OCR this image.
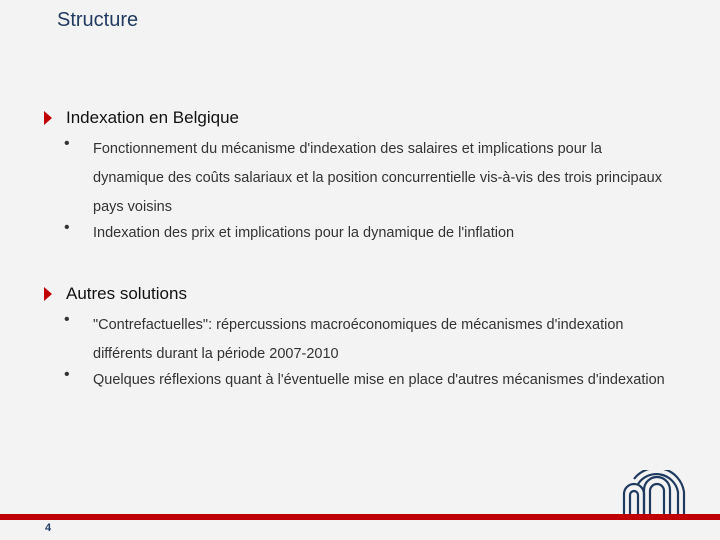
Structure
Indexation en Belgique
• Fonctionnement du mécanisme d'indexation des salaires et implications pour la dynamique des coûts salariaux et la position concurrentielle vis-à-vis des trois principaux pays voisins
• Indexation des prix et implications pour la dynamique de l'inflation
Autres solutions
• "Contrefactuelles": répercussions macroéconomiques de mécanismes d'indexation différents durant la période 2007-2010
• Quelques réflexions quant à l'éventuelle mise en place d'autres mécanismes d'indexation
4
